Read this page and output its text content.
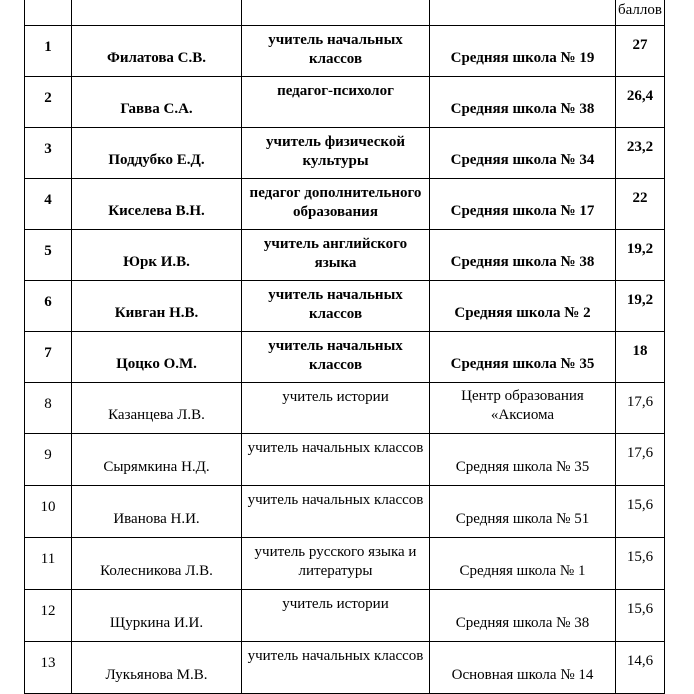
				баллов
1	Филатова С.В.	учитель начальных классов	Средняя школа № 19	27
2	Гавва С.А.	педагог-психолог	Средняя школа № 38	26,4
3	Поддубко Е.Д.	учитель физической культуры	Средняя школа № 34	23,2
4	Киселева В.Н.	педагог дополнительного образования	Средняя школа № 17	22
5	Юрк И.В.	учитель английского языка	Средняя школа № 38	19,2
6	Кивган Н.В.	учитель начальных классов	Средняя школа № 2	19,2
7	Цоцко О.М.	учитель начальных классов	Средняя школа № 35	18
8	Казанцева Л.В.	учитель истории	Центр образования «Аксиома	17,6
9	Сырямкина Н.Д.	учитель начальных классов	Средняя школа № 35	17,6
10	Иванова Н.И.	учитель начальных классов	Средняя школа № 51	15,6
11	Колесникова Л.В.	учитель русского языка и литературы	Средняя школа № 1	15,6
12	Щуркина И.И.	учитель истории	Средняя школа № 38	15,6
13	Лукьянова М.В.	учитель начальных классов	Основная школа № 14	14,6
